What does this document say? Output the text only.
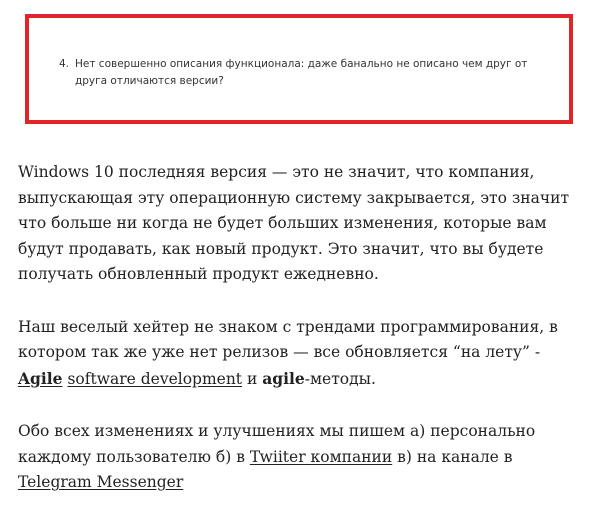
4. Нет совершенно описания функционала: даже банально не описано чем друг от друга отличаются версии?

Windows 10 последняя версия — это не значит, что компания, выпускающая эту операционную систему закрывается, это значит что больше ни когда не будет больших изменения, которые вам будут продавать, как новый продукт. Это значит, что вы будете получать обновленный продукт ежедневно.

Наш веселый хейтер не знаком с трендами программирования, в котором так же уже нет релизов — все обновляется “на лету” - Agile software development и agile-методы.

Обо всех изменениях и улучшениях мы пишем а) персонально каждому пользователю б) в Twiiter компании в) на канале в Telegram Messenger
